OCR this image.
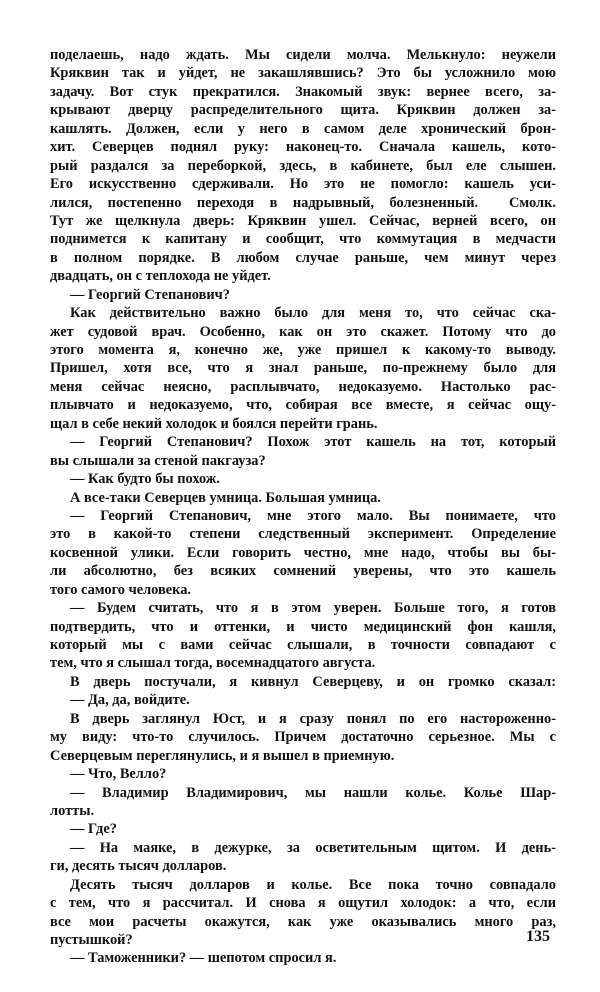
поделаешь, надо ждать. Мы сидели молча. Мелькнуло: неужели
Кряквин так и уйдет, не закашлявшись? Это бы усложнило мою
задачу. Вот стук прекратился. Знакомый звук: вернее всего, за-
крывают дверцу распределительного щита. Кряквин должен за-
кашлять. Должен, если у него в самом деле хронический брон-
хит. Северцев поднял руку: наконец-то. Сначала кашель, кото-
рый раздался за переборкой, здесь, в кабинете, был еле слышен.
Его искусственно сдерживали. Но это не помогло: кашель уси-
лился, постепенно переходя в надрывный, болезненный.  Смолк.
Тут же щелкнула дверь: Кряквин ушел. Сейчас, верней всего, он
поднимется к капитану и сообщит, что коммутация в медчасти
в полном порядке. В любом случае раньше, чем минут через
двадцать, он с теплохода не уйдет.
— Георгий Степанович?
Как действительно важно было для меня то, что сейчас ска-
жет судовой врач. Особенно, как он это скажет. Потому что до
этого момента я, конечно же, уже пришел к какому-то выводу.
Пришел, хотя все, что я знал раньше, по-прежнему было для
меня сейчас неясно, расплывчато, недоказуемо. Настолько рас-
плывчато и недоказуемо, что, собирая все вместе, я сейчас ощу-
щал в себе некий холодок и боялся перейти грань.
— Георгий Степанович? Похож этот кашель на тот, который
вы слышали за стеной пакгауза?
— Как будто бы похож.
А все-таки Северцев умница. Большая умница.
— Георгий Степанович, мне этого мало. Вы понимаете, что
это в какой-то степени следственный эксперимент. Определение
косвенной улики. Если говорить честно, мне надо, чтобы вы бы-
ли абсолютно, без всяких сомнений уверены, что это кашель
того самого человека.
— Будем считать, что я в этом уверен. Больше того, я готов
подтвердить, что и оттенки, и чисто медицинский фон кашля,
который мы с вами сейчас слышали, в точности совпадают с
тем, что я слышал тогда, восемнадцатого августа.
В дверь постучали, я кивнул Северцеву, и он громко сказал:
— Да, да, войдите.
В дверь заглянул Юст, и я сразу понял по его настороженно-
му виду: что-то случилось. Причем достаточно серьезное. Мы с
Северцевым переглянулись, и я вышел в приемную.
— Что, Велло?
— Владимир Владимирович, мы нашли колье. Колье Шар-
лотты.
— Где?
— На маяке, в дежурке, за осветительным щитом. И день-
ги, десять тысяч долларов.
Десять тысяч долларов и колье. Все пока точно совпадало
с тем, что я рассчитал. И снова я ощутил холодок: а что, если
все мои расчеты окажутся, как уже оказывались много раз,
пустышкой?
— Таможенники? — шепотом спросил я.
135
